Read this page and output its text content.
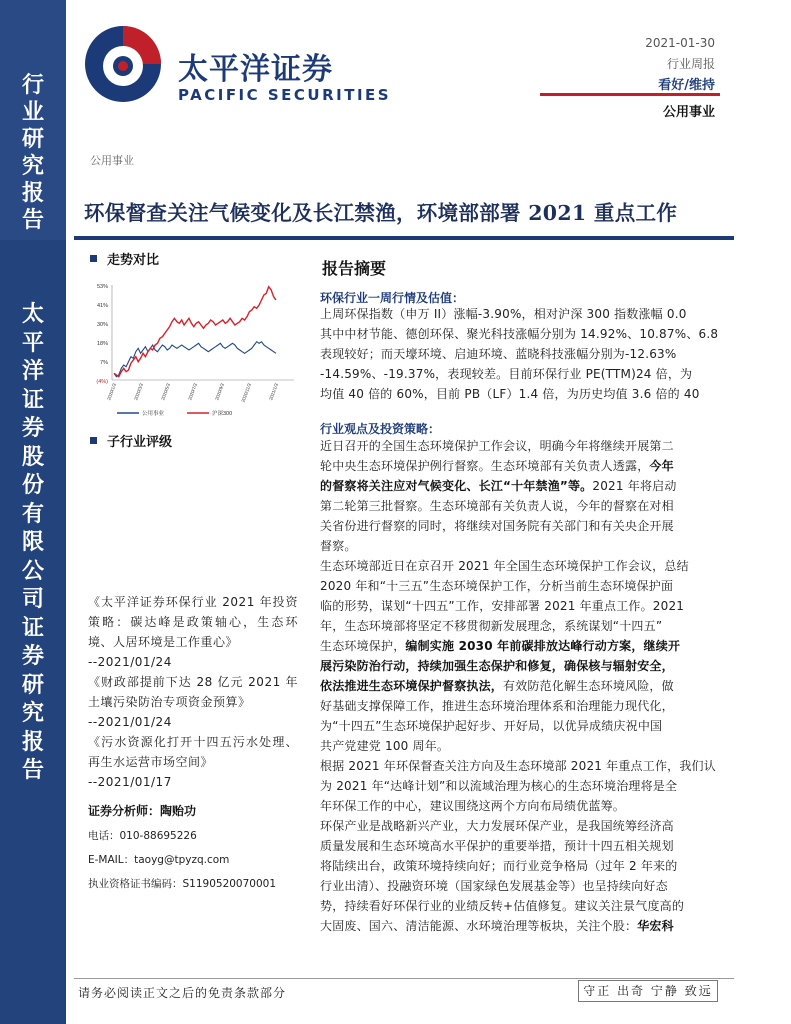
行
业
研
究
报
告
太
平
洋
证
券
股
份
有
限
公
司
证
券
研
究
报
告
太平洋证券
PACIFIC SECURITIES
2021-01-30
行业周报
看好/维持
公用事业
公用事业
环保督查关注气候变化及长江禁渔，环境部部署 2021 重点工作
走势对比
53%
41%
30%
18%
7%
(4%)
2020/1/3	2020/3/3	2020/5/3	2020/7/3	2020/9/3	2020/11/3	2021/1/3
公用事业	沪深300
子行业评级

《太平洋证券环保行业 2021 年投资策略：碳达峰是政策轴心，生态环境、人居环境是工作重心》

--2021/01/24

《财政部提前下达 28 亿元 2021 年土壤污染防治专项资金预算》

--2021/01/24

《污水资源化打开十四五污水处理、再生水运营市场空间》

--2021/01/17

证券分析师：陶贻功
电话：010-88695226
E-MAIL：taoyg@tpyzq.com
执业资格证书编码：S1190520070001
报告摘要
环保行业一周行情及估值：
上周环保指数（申万 II）涨幅-3.90%，相对沪深 300 指数涨幅 0.0
其中中材节能、德创环保、聚光科技涨幅分别为 14.92%、10.87%、6.8
表现较好；而天壕环境、启迪环境、蓝晓科技涨幅分别为-12.63%
-14.59%、-19.37%，表现较差。目前环保行业 PE(TTM)24 倍，为
均值 40 倍的 60%，目前 PB（LF）1.4 倍，为历史均值 3.6 倍的 40
行业观点及投资策略：
近日召开的全国生态环境保护工作会议，明确今年将继续开展第二
轮中央生态环境保护例行督察。生态环境部有关负责人透露，今年
的督察将关注应对气候变化、长江“十年禁渔”等。2021 年将启动
第二轮第三批督察。生态环境部有关负责人说，今年的督察在对相
关省份进行督察的同时，将继续对国务院有关部门和有关央企开展
督察。
生态环境部近日在京召开 2021 年全国生态环境保护工作会议，总结
2020 年和“十三五”生态环境保护工作，分析当前生态环境保护面
临的形势，谋划“十四五”工作，安排部署 2021 年重点工作。2021
年，生态环境部将坚定不移贯彻新发展理念，系统谋划“十四五”
生态环境保护，编制实施 2030 年前碳排放达峰行动方案，继续开
展污染防治行动，持续加强生态保护和修复，确保核与辐射安全，
依法推进生态环境保护督察执法，有效防范化解生态环境风险，做
好基础支撑保障工作，推进生态环境治理体系和治理能力现代化，
为“十四五”生态环境保护起好步、开好局，以优异成绩庆祝中国
共产党建党 100 周年。
根据 2021 年环保督查关注方向及生态环境部 2021 年重点工作，我们认
为 2021 年“达峰计划”和以流域治理为核心的生态环境治理将是全
年环保工作的中心，建议围绕这两个方向布局绩优蓝筹。
环保产业是战略新兴产业，大力发展环保产业，是我国统筹经济高
质量发展和生态环境高水平保护的重要举措，预计十四五相关规划
将陆续出台，政策环境持续向好；而行业竞争格局（过年 2 年来的
行业出清）、投融资环境（国家绿色发展基金等）也呈持续向好态
势，持续看好环保行业的业绩反转+估值修复。建议关注景气度高的
大固废、国六、清洁能源、水环境治理等板块，关注个股：华宏科
请务必阅读正文之后的免责条款部分	守正 出奇 宁静 致远
